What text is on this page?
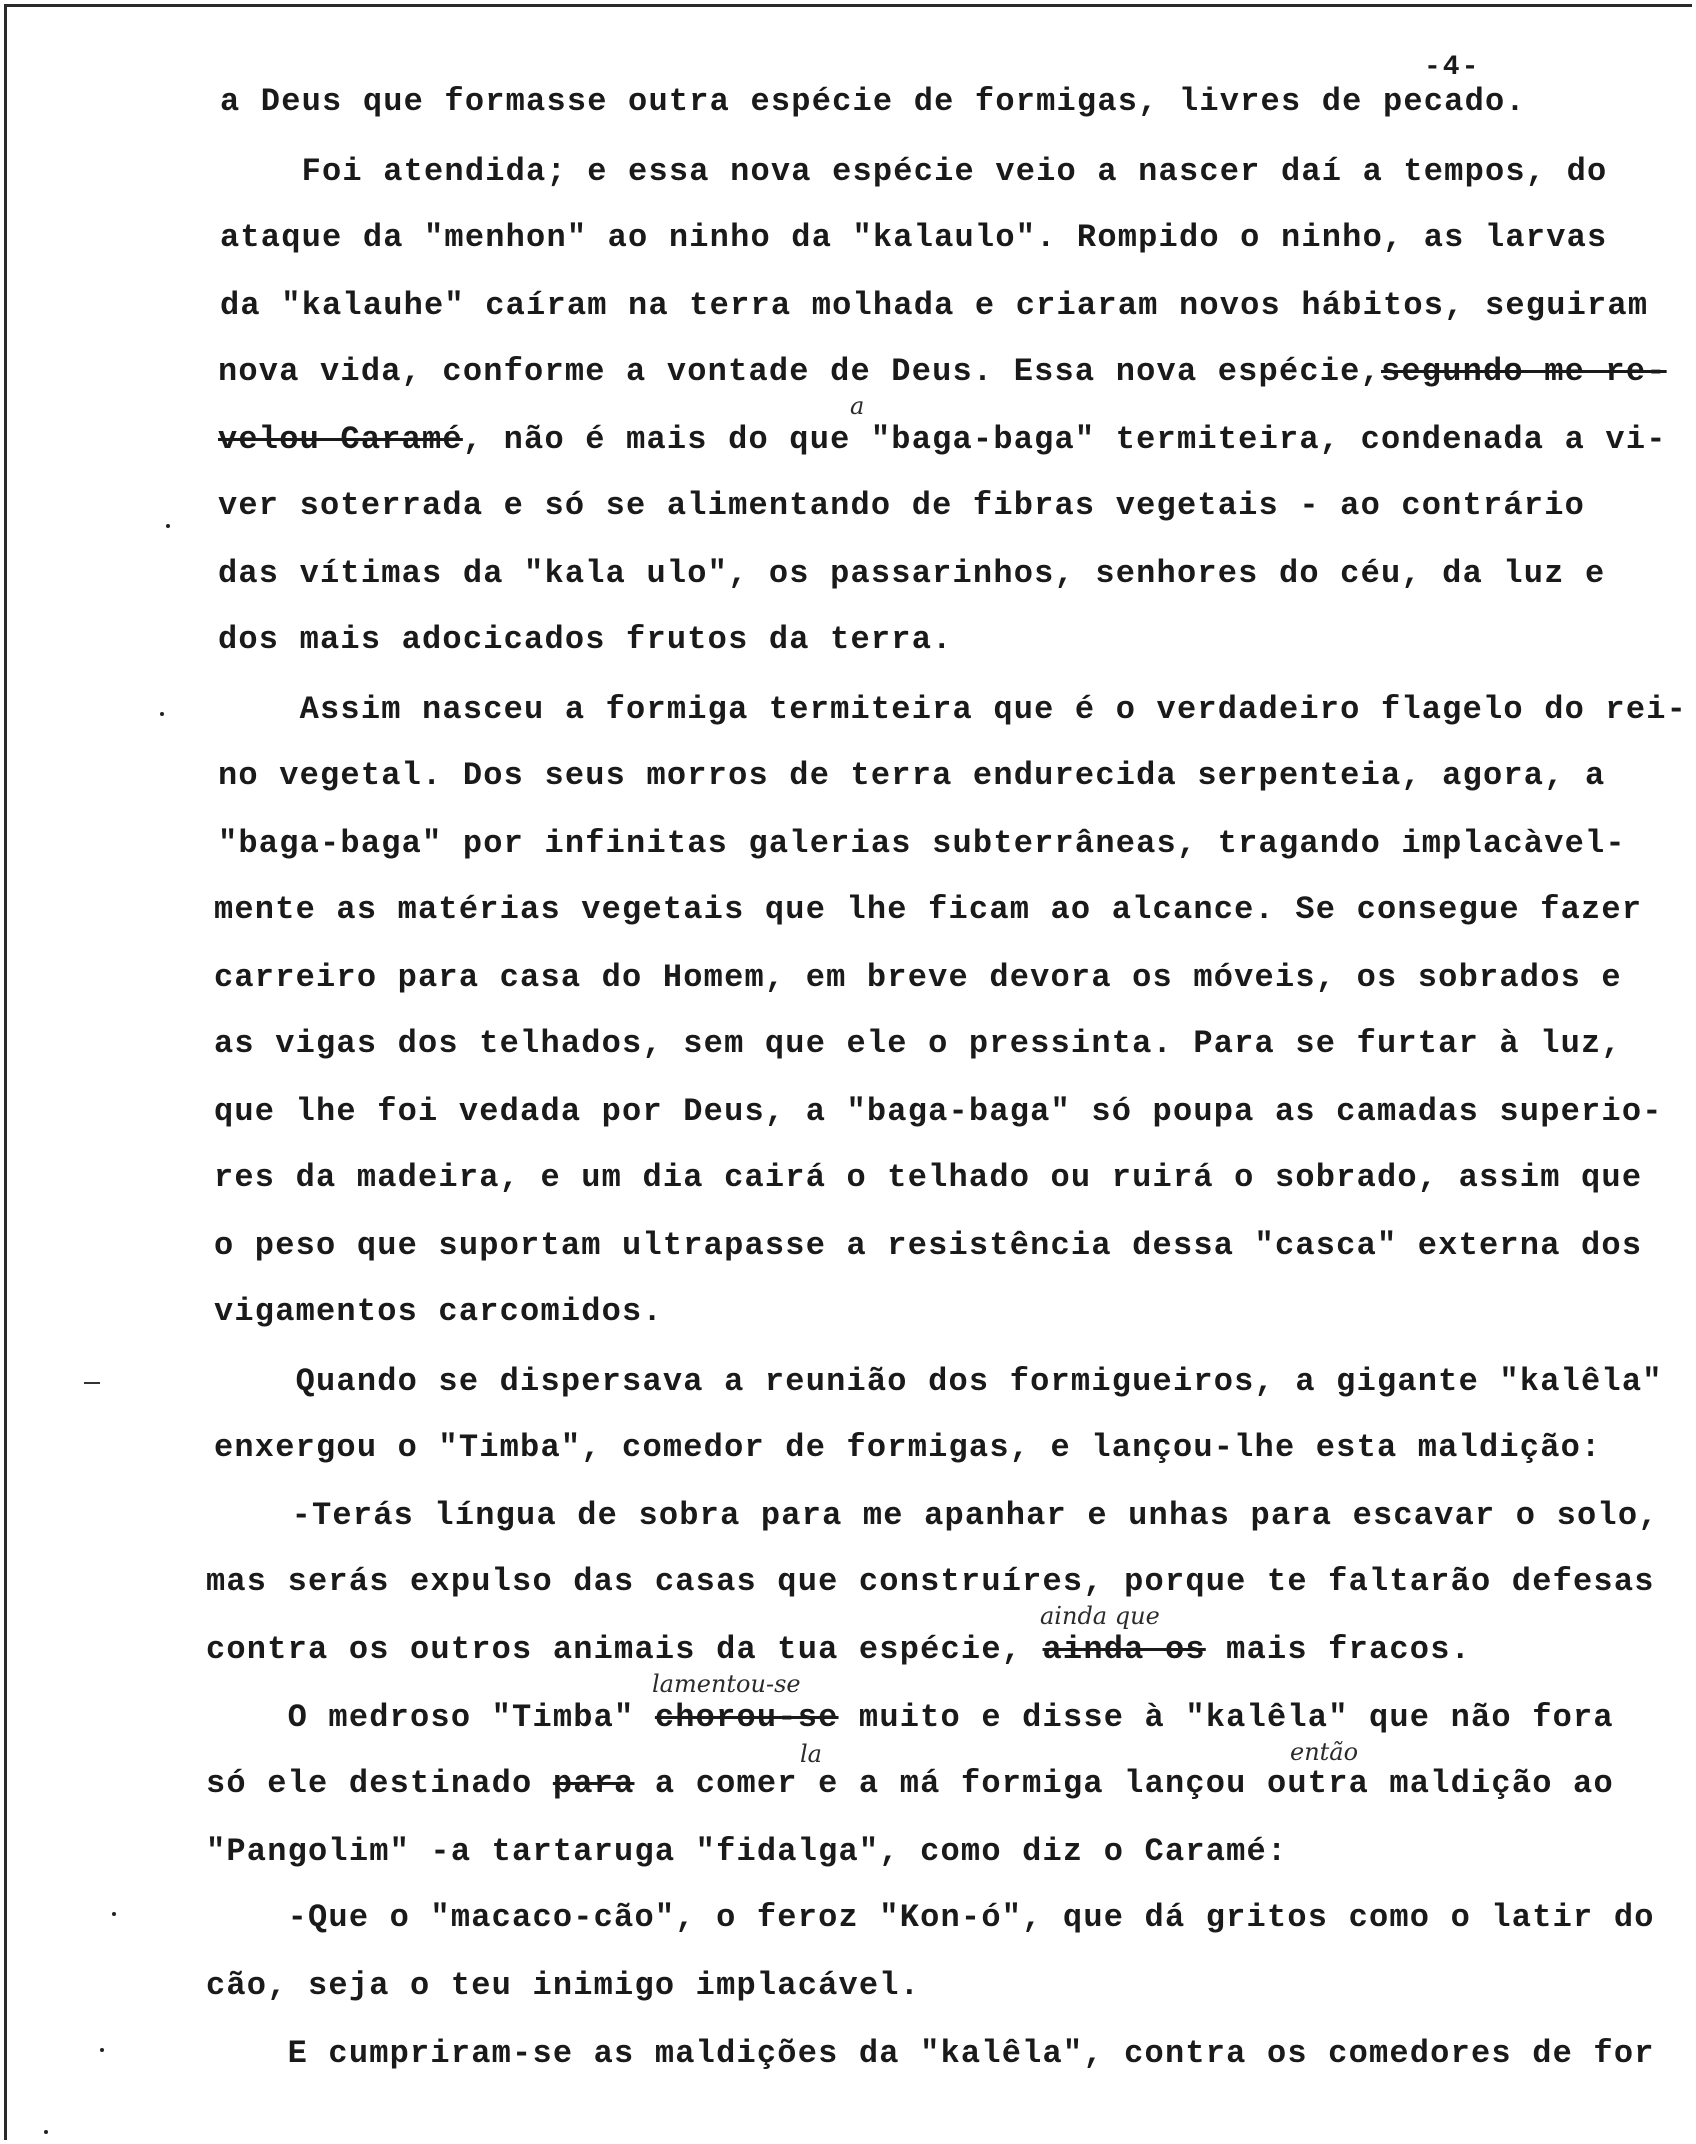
-4-
a Deus que formasse outra espécie de formigas, livres de pecado.
Foi atendida; e essa nova espécie veio a nascer daí a tempos, do
ataque da "menhon" ao ninho da "kalaulo". Rompido o ninho, as larvas
da "kalauhe" caíram na terra molhada e criaram novos hábitos, seguiram
nova vida, conforme a vontade de Deus. Essa nova espécie,segundo me re-
velou Caramé, não é mais do que "baga-baga" termiteira, condenada a vi-
a
ver soterrada e só se alimentando de fibras vegetais - ao contrário
das vítimas da "kala ulo", os passarinhos, senhores do céu, da luz e
dos mais adocicados frutos da terra.
Assim nasceu a formiga termiteira que é o verdadeiro flagelo do rei-
no vegetal. Dos seus morros de terra endurecida serpenteia, agora, a
"baga-baga" por infinitas galerias subterrâneas, tragando implacàvel-
mente as matérias vegetais que lhe ficam ao alcance. Se consegue fazer
carreiro para casa do Homem, em breve devora os móveis, os sobrados e
as vigas dos telhados, sem que ele o pressinta. Para se furtar à luz,
que lhe foi vedada por Deus, a "baga-baga" só poupa as camadas superio-
res da madeira, e um dia cairá o telhado ou ruirá o sobrado, assim que
o peso que suportam ultrapasse a resistência dessa "casca" externa dos
vigamentos carcomidos.
Quando se dispersava a reunião dos formigueiros, a gigante "kalêla"
enxergou o "Timba", comedor de formigas, e lançou-lhe esta maldição:
-Terás língua de sobra para me apanhar e unhas para escavar o solo,
mas serás expulso das casas que construíres, porque te faltarão defesas
contra os outros animais da tua espécie, ainda os mais fracos.
ainda que
O medroso "Timba" chorou-se muito e disse à "kalêla" que não fora
lamentou-se
só ele destinado para a comer e a má formiga lançou outra maldição ao
la	então
"Pangolim" -a tartaruga "fidalga", como diz o Caramé:
-Que o "macaco-cão", o feroz "Kon-ó", que dá gritos como o latir do
cão, seja o teu inimigo implacável.
E cumpriram-se as maldições da "kalêla", contra os comedores de for
